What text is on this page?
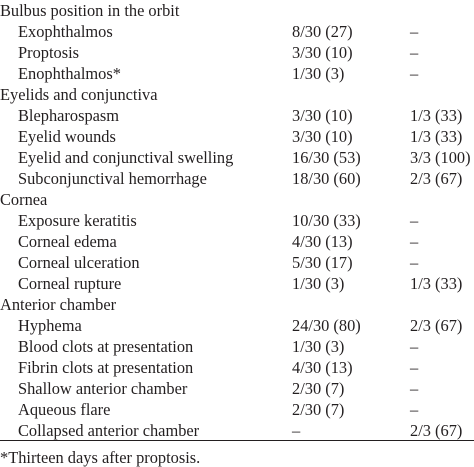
Bulbus position in the orbit
Exophthalmos	8/30 (27)	–
Proptosis	3/30 (10)	–
Enophthalmos*	1/30 (3)	–
Eyelids and conjunctiva
Blepharospasm	3/30 (10)	1/3 (33)
Eyelid wounds	3/30 (10)	1/3 (33)
Eyelid and conjunctival swelling	16/30 (53)	3/3 (100)
Subconjunctival hemorrhage	18/30 (60)	2/3 (67)
Cornea
Exposure keratitis	10/30 (33)	–
Corneal edema	4/30 (13)	–
Corneal ulceration	5/30 (17)	–
Corneal rupture	1/30 (3)	1/3 (33)
Anterior chamber
Hyphema	24/30 (80)	2/3 (67)
Blood clots at presentation	1/30 (3)	–
Fibrin clots at presentation	4/30 (13)	–
Shallow anterior chamber	2/30 (7)	–
Aqueous flare	2/30 (7)	–
Collapsed anterior chamber	–	2/3 (67)
*Thirteen days after proptosis.
